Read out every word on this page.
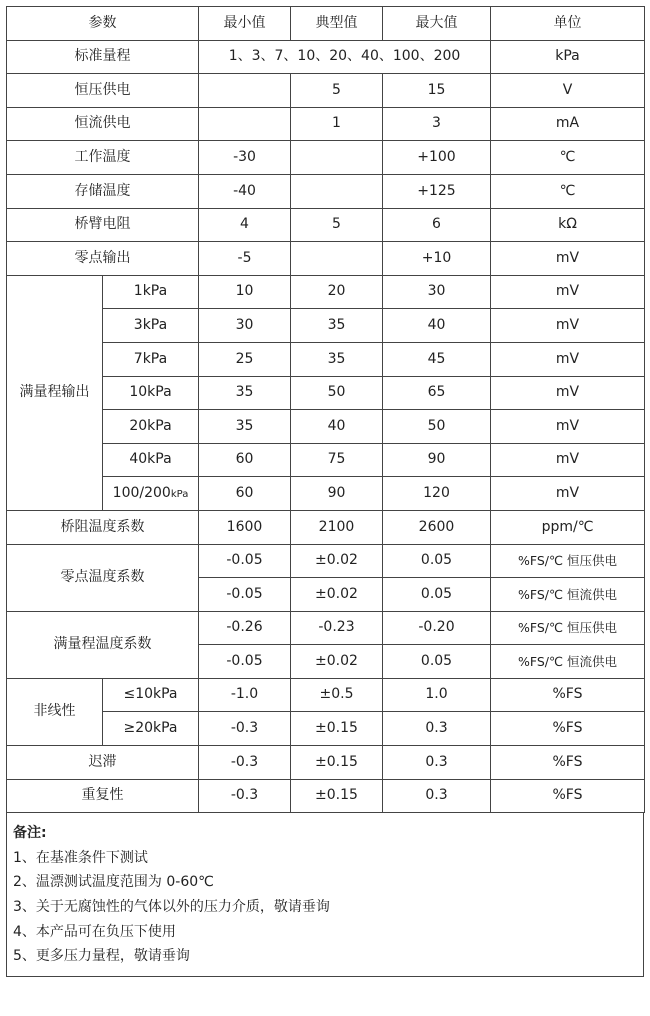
参数		最小值	典型值	最大值	单位
标准量程		1、3、7、10、20、40、100、200			kPa
恒压供电			5	15	V
恒流供电			1	3	mA
工作温度		-30		+100	℃
存储温度		-40		+125	℃
桥臂电阻		4	5	6	kΩ
零点输出		-5		+10	mV
满量程输出	1kPa	10	20	30	mV
	3kPa	30	35	40	mV
	7kPa	25	35	45	mV
	10kPa	35	50	65	mV
	20kPa	35	40	50	mV
	40kPa	60	75	90	mV
	100/200kPa	60	90	120	mV
桥阻温度系数		1600	2100	2600	ppm/℃
零点温度系数		-0.05	±0.02	0.05	%FS/℃ 恒压供电
		-0.05	±0.02	0.05	%FS/℃ 恒流供电
满量程温度系数		-0.26	-0.23	-0.20	%FS/℃ 恒压供电
		-0.05	±0.02	0.05	%FS/℃ 恒流供电
非线性	≤10kPa	-1.0	±0.5	1.0	%FS
	≥20kPa	-0.3	±0.15	0.3	%FS
迟滞		-0.3	±0.15	0.3	%FS
重复性		-0.3	±0.15	0.3	%FS
备注:
1、在基准条件下测试
2、温漂测试温度范围为 0-60℃
3、关于无腐蚀性的气体以外的压力介质，敬请垂询
4、本产品可在负压下使用
5、更多压力量程，敬请垂询
